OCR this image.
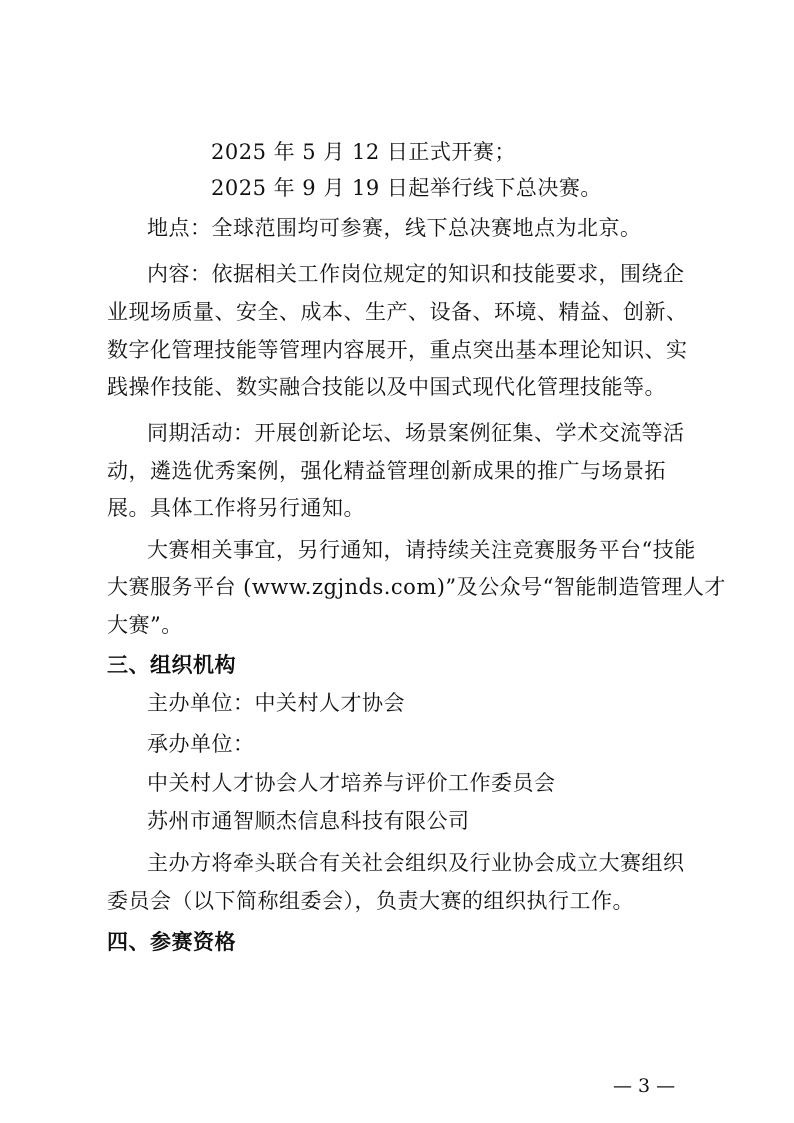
2025 年 5 月 12 日正式开赛；
2025 年 9 月 19 日起举行线下总决赛。
地点：全球范围均可参赛，线下总决赛地点为北京。
内容：依据相关工作岗位规定的知识和技能要求，围绕企
业现场质量、安全、成本、生产、设备、环境、精益、创新、
数字化管理技能等管理内容展开，重点突出基本理论知识、实
践操作技能、数实融合技能以及中国式现代化管理技能等。
同期活动：开展创新论坛、场景案例征集、学术交流等活
动，遴选优秀案例，强化精益管理创新成果的推广与场景拓
展。具体工作将另行通知。
大赛相关事宜，另行通知，请持续关注竞赛服务平台“技能
大赛服务平台 (www.zgjnds.com)”及公众号“智能制造管理人才
大赛”。
三、组织机构
主办单位：中关村人才协会
承办单位：
中关村人才协会人才培养与评价工作委员会
苏州市通智顺杰信息科技有限公司
主办方将牵头联合有关社会组织及行业协会成立大赛组织
委员会（以下简称组委会），负责大赛的组织执行工作。
四、参赛资格
— 3 —
